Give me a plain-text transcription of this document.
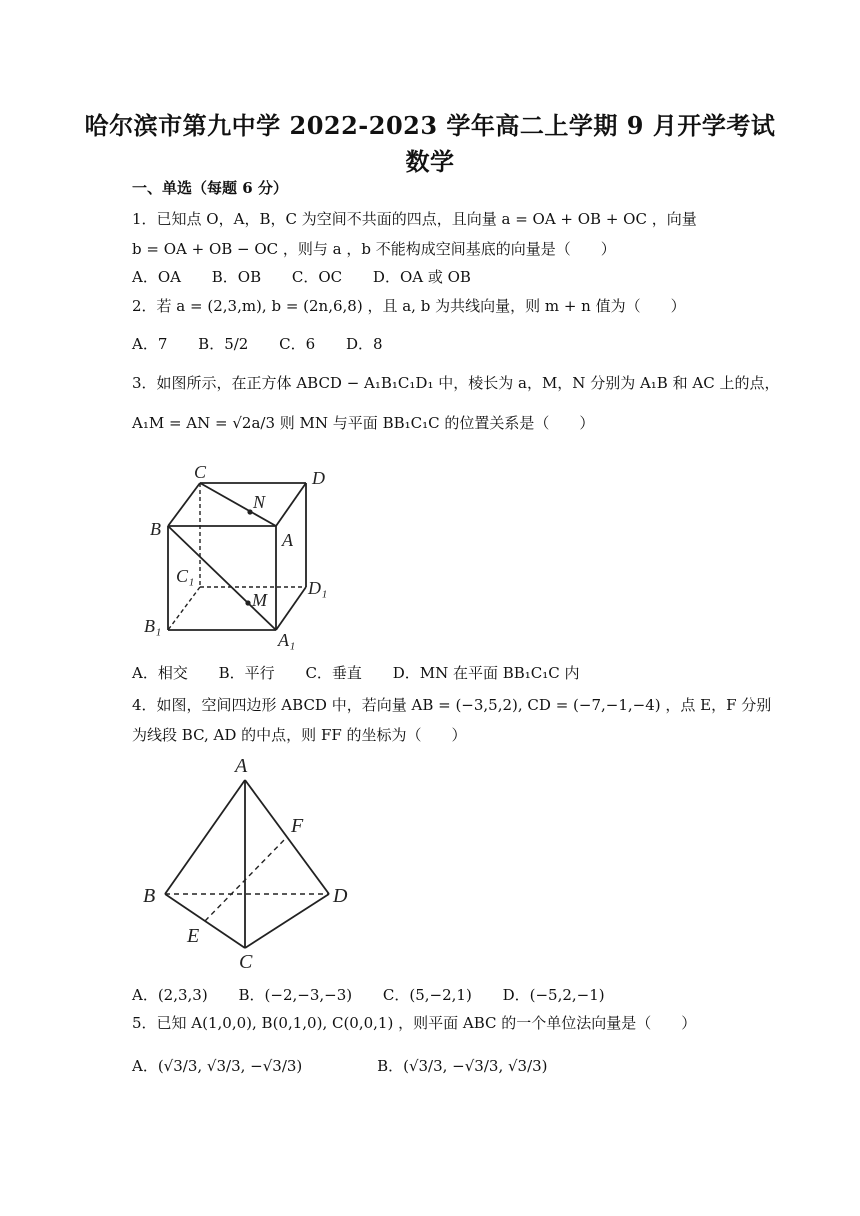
哈尔滨市第九中学 2022-2023 学年高二上学期 9 月开学考试
数学
一、单选（每题 6 分）
1．已知点 O，A，B，C 为空间不共面的四点，且向量 a = OA + OB + OC ，向量
b = OA + OB − OC ，则与 a ，b 不能构成空间基底的向量是（　　）
A．OA B．OB C．OC D．OA 或 OB
2．若 a = (2,3,m), b = (2n,6,8) ，且 a, b 为共线向量，则 m + n 值为（　　）
A．7 B．5/2 C．6 D．8
3．如图所示，在正方体 ABCD − A₁B₁C₁D₁ 中，棱长为 a，M，N 分别为 A₁B 和 AC 上的点，
A₁M = AN = √2a/3 则 MN 与平面 BB₁C₁C 的位置关系是（　　）
C	D
N
B
A
C₁
D₁
M
B₁
A₁
A．相交 B．平行 C．垂直 D．MN 在平面 BB₁C₁C 内
4．如图，空间四边形 ABCD 中，若向量 AB = (−3,5,2), CD = (−7,−1,−4) ，点 E，F 分别
为线段 BC, AD 的中点，则 FF 的坐标为（　　）
A
F
B	D
E
C
A．(2,3,3) B．(−2,−3,−3) C．(5,−2,1) D．(−5,2,−1)
5．已知 A(1,0,0), B(0,1,0), C(0,0,1) ，则平面 ABC 的一个单位法向量是（　　）
A．(√3/3, √3/3, −√3/3)	B．(√3/3, −√3/3, √3/3)
